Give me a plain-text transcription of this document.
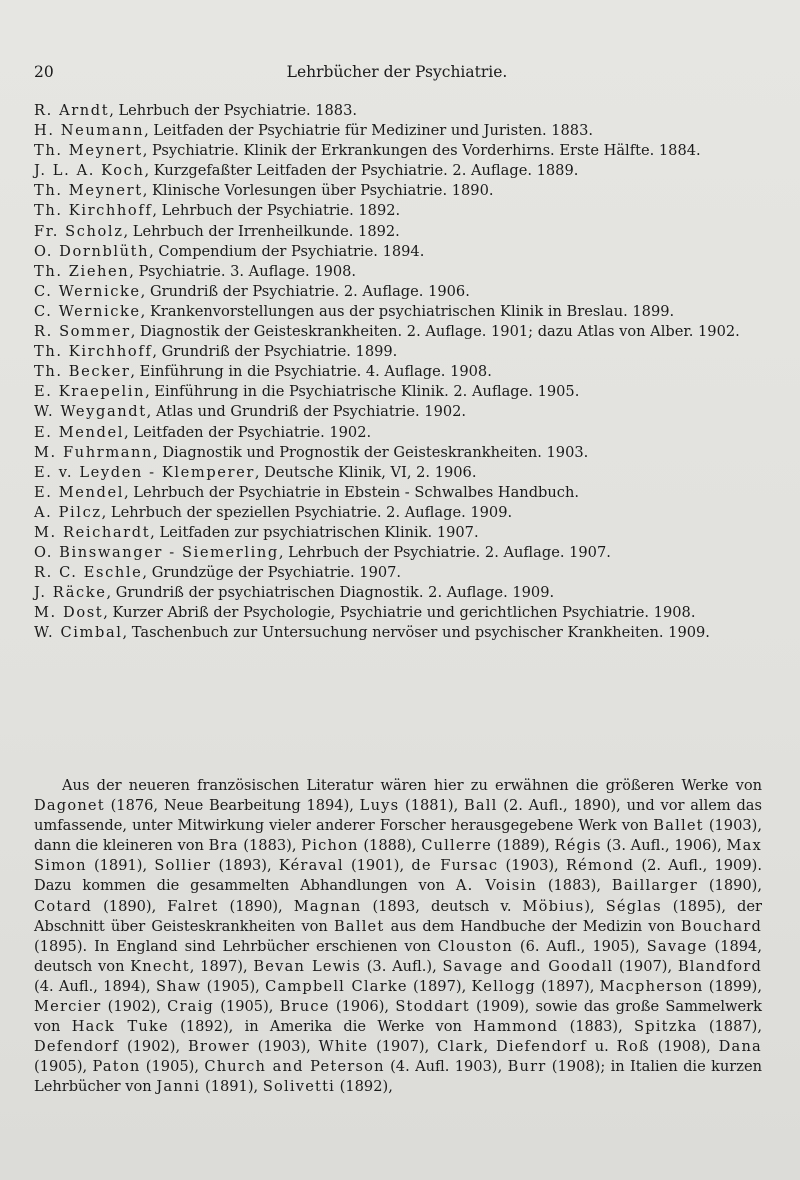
20	Lehrbücher der Psychiatrie.
R. Arndt, Lehrbuch der Psychiatrie. 1883.
H. Neumann, Leitfaden der Psychiatrie für Mediziner und Juristen. 1883.
Th. Meynert, Psychiatrie. Klinik der Erkrankungen des Vorderhirns. Erste Hälfte. 1884.
J. L. A. Koch, Kurzgefaßter Leitfaden der Psychiatrie. 2. Auflage. 1889.
Th. Meynert, Klinische Vorlesungen über Psychiatrie. 1890.
Th. Kirchhoff, Lehrbuch der Psychiatrie. 1892.
Fr. Scholz, Lehrbuch der Irrenheilkunde. 1892.
O. Dornblüth, Compendium der Psychiatrie. 1894.
Th. Ziehen, Psychiatrie. 3. Auflage. 1908.
C. Wernicke, Grundriß der Psychiatrie. 2. Auflage. 1906.
C. Wernicke, Krankenvorstellungen aus der psychiatrischen Klinik in Breslau. 1899.
R. Sommer, Diagnostik der Geisteskrankheiten. 2. Auflage. 1901; dazu Atlas von Alber. 1902.
Th. Kirchhoff, Grundriß der Psychiatrie. 1899.
Th. Becker, Einführung in die Psychiatrie. 4. Auflage. 1908.
E. Kraepelin, Einführung in die Psychiatrische Klinik. 2. Auflage. 1905.
W. Weygandt, Atlas und Grundriß der Psychiatrie. 1902.
E. Mendel, Leitfaden der Psychiatrie. 1902.
M. Fuhrmann, Diagnostik und Prognostik der Geisteskrankheiten. 1903.
E. v. Leyden - Klemperer, Deutsche Klinik, VI, 2. 1906.
E. Mendel, Lehrbuch der Psychiatrie in Ebstein - Schwalbes Handbuch.
A. Pilcz, Lehrbuch der speziellen Psychiatrie. 2. Auflage. 1909.
M. Reichardt, Leitfaden zur psychiatrischen Klinik. 1907.
O. Binswanger - Siemerling, Lehrbuch der Psychiatrie. 2. Auflage. 1907.
R. C. Eschle, Grundzüge der Psychiatrie. 1907.
J. Räcke, Grundriß der psychiatrischen Diagnostik. 2. Auflage. 1909.
M. Dost, Kurzer Abriß der Psychologie, Psychiatrie und gerichtlichen Psychiatrie. 1908.
W. Cimbal, Taschenbuch zur Untersuchung nervöser und psychischer Krankheiten. 1909.

Aus der neueren französischen Literatur wären hier zu erwähnen die größeren Werke von Dagonet (1876, Neue Bearbeitung 1894), Luys (1881), Ball (2. Aufl., 1890), und vor allem das umfassende, unter Mitwirkung vieler anderer Forscher herausgegebene Werk von Ballet (1903), dann die kleineren von Bra (1883), Pichon (1888), Cullerre (1889), Régis (3. Aufl., 1906), Max Simon (1891), Sollier (1893), Kéraval (1901), de Fursac (1903), Rémond (2. Aufl., 1909). Dazu kommen die gesammelten Abhandlungen von A. Voisin (1883), Baillarger (1890), Cotard (1890), Falret (1890), Magnan (1893, deutsch v. Möbius), Séglas (1895), der Abschnitt über Geisteskrankheiten von Ballet aus dem Handbuche der Medizin von Bouchard (1895). In England sind Lehrbücher erschienen von Clouston (6. Aufl., 1905), Savage (1894, deutsch von Knecht, 1897), Bevan Lewis (3. Aufl.), Savage and Goodall (1907), Blandford (4. Aufl., 1894), Shaw (1905), Campbell Clarke (1897), Kellogg (1897), Macpherson (1899), Mercier (1902), Craig (1905), Bruce (1906), Stoddart (1909), sowie das große Sammelwerk von Hack Tuke (1892), in Amerika die Werke von Hammond (1883), Spitzka (1887), Defendorf (1902), Brower (1903), White (1907), Clark, Diefendorf u. Roß (1908), Dana (1905), Paton (1905), Church and Peterson (4. Aufl. 1903), Burr (1908); in Italien die kurzen Lehrbücher von Janni (1891), Solivetti (1892),
